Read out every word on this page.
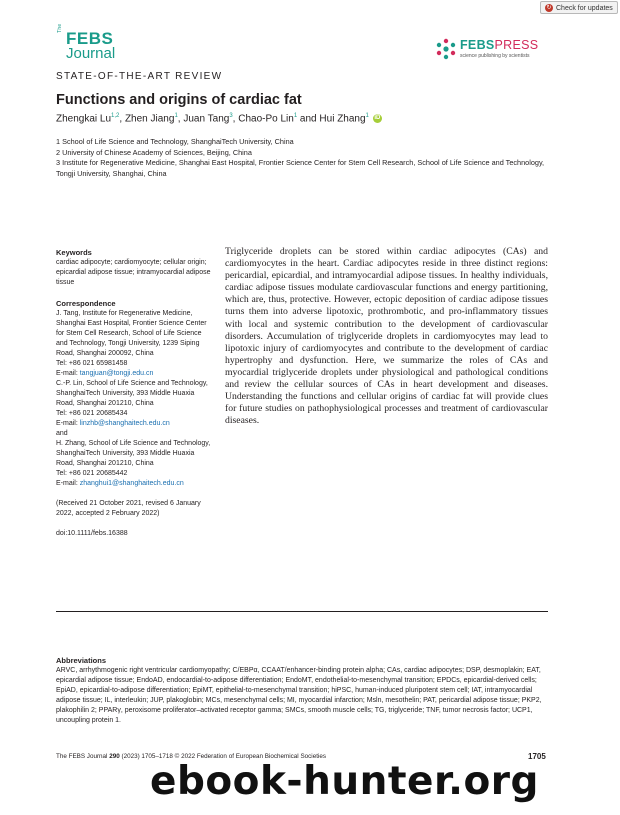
↻ Check for updates
The
FEBS
Journal	FEBSPRESS
science publishing by scientists
STATE-OF-THE-ART REVIEW
Functions and origins of cardiac fat
Zhengkai Lu$^{1,2}$, Zhen Jiang$^1$, Juan Tang$^3$, Chao-Po Lin$^1$ and Hui Zhang$^1$ iD
1 School of Life Science and Technology, ShanghaiTech University, China
2 University of Chinese Academy of Sciences, Beijing, China
3 Institute for Regenerative Medicine, Shanghai East Hospital, Frontier Science Center for Stem Cell Research, School of Life Science and Technology, Tongji University, Shanghai, China
Keywords
cardiac adipocyte; cardiomyocyte; cellular origin; epicardial adipose tissue; intramyocardial adipose tissue
Correspondence
J. Tang, Institute for Regenerative Medicine, Shanghai East Hospital, Frontier Science Center for Stem Cell Research, School of Life Science and Technology, Tongji University, 1239 Siping Road, Shanghai 200092, China
Tel: +86 021 65981458
E-mail: tangjuan@tongji.edu.cn
C.-P. Lin, School of Life Science and Technology, ShanghaiTech University, 393 Middle Huaxia Road, Shanghai 201210, China
Tel: +86 021 20685434
E-mail: linzhb@shanghaitech.edu.cn
and
H. Zhang, School of Life Science and Technology, ShanghaiTech University, 393 Middle Huaxia Road, Shanghai 201210, China
Tel: +86 021 20685442
E-mail: zhanghui1@shanghaitech.edu.cn
(Received 21 October 2021, revised 6 January 2022, accepted 2 February 2022)
doi:10.1111/febs.16388
Triglyceride droplets can be stored within cardiac adipocytes (CAs) and cardiomyocytes in the heart. Cardiac adipocytes reside in three distinct regions: pericardial, epicardial, and intramyocardial adipose tissues. In healthy individuals, cardiac adipose tissues modulate cardiovascular functions and energy partitioning, which are, thus, protective. However, ectopic deposition of cardiac adipose tissues turns them into adverse lipotoxic, prothrombotic, and pro-inflammatory tissues with local and systemic contribution to the development of cardiovascular disorders. Accumulation of triglyceride droplets in cardiomyocytes may lead to lipotoxic injury of cardiomyocytes and contribute to the development of cardiac hypertrophy and dysfunction. Here, we summarize the roles of CAs and myocardial triglyceride droplets under physiological and pathological conditions and review the cellular sources of CAs in heart development and diseases. Understanding the functions and cellular origins of cardiac fat will provide clues for future studies on pathophysiological processes and treatment of cardiovascular diseases.
Abbreviations
ARVC, arrhythmogenic right ventricular cardiomyopathy; C/EBPα, CCAAT/enhancer-binding protein alpha; CAs, cardiac adipocytes; DSP, desmoplakin; EAT, epicardial adipose tissue; EndoAD, endocardial-to-adipose differentiation; EndoMT, endothelial-to-mesenchymal transition; EPDCs, epicardial-derived cells; EpiAD, epicardial-to-adipose differentiation; EpiMT, epithelial-to-mesenchymal transition; hiPSC, human-induced pluripotent stem cell; IAT, intramyocardial adipose tissue; IL, interleukin; JUP, plakoglobin; MCs, mesenchymal cells; MI, myocardial infarction; Msln, mesothelin; PAT, pericardial adipose tissue; PKP2, plakophilin 2; PPARγ, peroxisome proliferator–activated receptor gamma; SMCs, smooth muscle cells; TG, triglyceride; TNF, tumor necrosis factor; UCP1, uncoupling protein 1.
The FEBS Journal 290 (2023) 1705–1718 © 2022 Federation of European Biochemical Societies	1705
ebook-hunter.org
